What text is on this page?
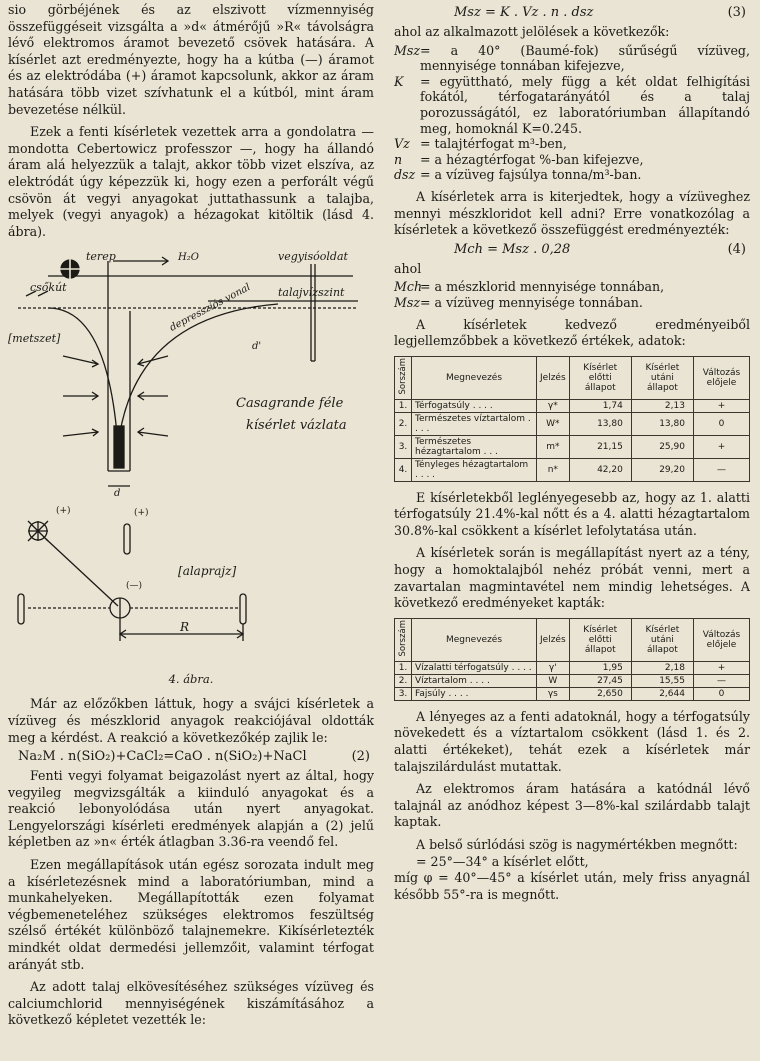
sio görbéjének és az elszivott vízmennyiség összefüggéseit vizsgálta a »d« átmérőjű »R« távolságra lévő elektromos áramot bevezető csövek hatására. A kísérlet azt eredményezte, hogy ha a kútba (—) áramot és az elektródába (+) áramot kapcsolunk, akkor az áram hatására több vizet szívhatunk el a kútból, mint áram bevezetése nélkül.

Ezek a fenti kísérletek vezettek arra a gondolatra — mondotta Cebertowicz professzor —, hogy ha állandó áram alá helyezzük a talajt, akkor több vizet elszíva, az elektródát úgy képezzük ki, hogy ezen a perforált végű csövön át vegyi anyagokat juttathassunk a talajba, melyek (vegyi anyagok) a hézagokat kitöltik (lásd 4. ábra).

terep	H₂O	vegyisóoldat
csőkút	talajvízszint
[metszet]
depressziós vonal
d
d'
Casagrande féle
kísérlet vázlata
(+)	(+)
(—)
[alaprajz]
R
4. ábra.

Már az előzőkben láttuk, hogy a svájci kísérletek a vízüveg és mészklorid anyagok reakciójával oldották meg a kérdést. A reakció a következőkép zajlik le:

Na₂M . n(SiO₂)+CaCl₂=CaO . n(SiO₂)+NaCl	(2)

Fenti vegyi folyamat beigazolást nyert az által, hogy vegyileg megvizsgálták a kiinduló anyagokat és a reakció lebonyolódása után nyert anyagokat. Lengyelországi kísérleti eredmények alapján a (2) jelű képletben az »n« érték átlagban 3.36-ra veendő fel.

Ezen megállapítások után egész sorozata indult meg a kísérletezésnek mind a laboratóriumban, mind a munkahelyeken. Megállapították ezen folyamat végbemeneteléhez szükséges elektromos feszültség szélső értékét különböző talajnemekre. Kikísérletezték mindkét oldat dermedési jellemzőit, valamint térfogat arányát stb.

Az adott talaj elkövesítéséhez szükséges vízüveg és calciumchlorid mennyiségének kiszámításához a következő képletet vezették le:

Msz = K . Vz . n . dsz	(3)

ahol az alkalmazott jelölések a következők:

Msz = a 40° (Baumé-fok) sűrűségű vízüveg, mennyisége tonnában kifejezve,
K	= együttható, mely függ a két oldat felhigítási fokától, térfogatarányától és a talaj porozusságától, ez laboratóriumban állapítandó meg, homoknál K=0.245.
Vz = talajtérfogat m³-ben,
n	= a hézagtérfogat %-ban kifejezve,
dsz = a vízüveg fajsúlya tonna/m³-ban.

A kísérletek arra is kiterjedtek, hogy a vízüveghez mennyi mészkloridot kell adni? Erre vonatkozólag a kísérletek a következő összefüggést eredményezték:

Mch = Msz . 0,28	(4)

ahol

Mch
= a mészklorid mennyisége tonnában,
Msz = a vízüveg mennyisége tonnában.

A kísérletek kedvező eredményeiből legjellemzőbbek a következő értékek, adatok:

Sorszám	Megnevezés	Jelzés	Kísérlet előtti állapot	Kísérlet utáni állapot	Változás előjele
1.	Térfogatsúly . . . .	γ*	1,74	2,13	+
2.	Természetes víztartalom . . . .	W*	13,80	13,80	0
3.	Természetes hézagtartalom . . .	m*	21,15	25,90	+
4.	Tényleges hézagtartalom . . . .	n*	42,20	29,20	—

E kísérletekből leglényegesebb az, hogy az 1. alatti térfogatsúly 21.4%-kal nőtt és a 4. alatti hézagtartalom 30.8%-kal csökkent a kísérlet lefolytatása után.

A kísérletek során is megállapítást nyert az a tény, hogy a homoktalajból nehéz próbát venni, mert a zavartalan magmintavétel nem mindig lehetséges. A következő eredményeket kapták:

Sorszám	Megnevezés	Jelzés	Kísérlet előtti állapot	Kísérlet utáni állapot	Változás előjele
1.	Vízalatti térfogatsúly . . . .	γ'	1,95	2,18	+
2.	Víztartalom . . . .	W	27,45	15,55	—
3.	Fajsúly . . . .	γs	2,650	2,644	0

A lényeges az a fenti adatoknál, hogy a térfogatsúly növekedett és a víztartalom csökkent (lásd 1. és 2. alatti értékeket), tehát ezek a kísérletek már talajszilárdulást mutattak.

Az elektromos áram hatására a katódnál lévő talajnál az anódhoz képest 3—8%-kal szilárdabb talajt kaptak.

A belső súrlódási szög is nagymértékben megnőtt:

= 25°—34° a kísérlet előtt,

míg φ = 40°—45° a kísérlet után, mely friss anyagnál később 55°-ra is megnőtt.
